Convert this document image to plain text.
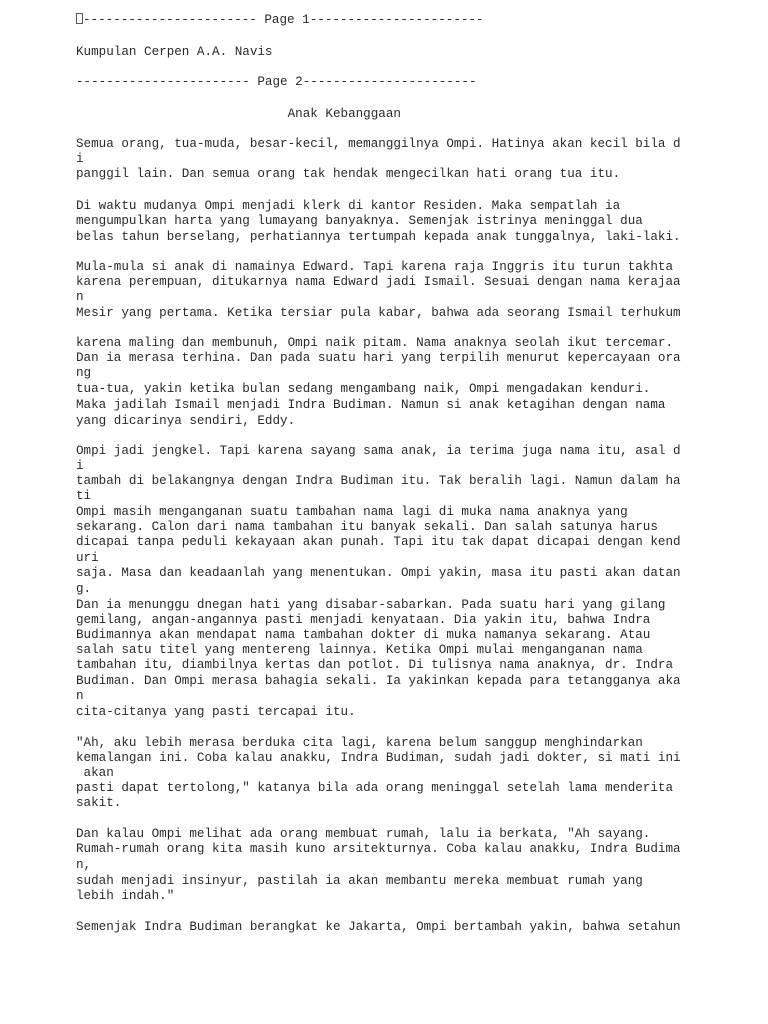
----------------------- Page 1-----------------------

Kumpulan Cerpen A.A. Navis

----------------------- Page 2-----------------------

Anak Kebanggaan

Semua orang, tua-muda, besar-kecil, memanggilnya Ompi. Hatinya akan kecil bila d

i

panggil lain. Dan semua orang tak hendak mengecilkan hati orang tua itu.

Di waktu mudanya Ompi menjadi klerk di kantor Residen. Maka sempatlah ia

mengumpulkan harta yang lumayang banyaknya. Semenjak istrinya meninggal dua

belas tahun berselang, perhatiannya tertumpah kepada anak tunggalnya, laki-laki.

Mula-mula si anak di namainya Edward. Tapi karena raja Inggris itu turun takhta

karena perempuan, ditukarnya nama Edward jadi Ismail. Sesuai dengan nama kerajaa

n

Mesir yang pertama. Ketika tersiar pula kabar, bahwa ada seorang Ismail terhukum

karena maling dan membunuh, Ompi naik pitam. Nama anaknya seolah ikut tercemar.

Dan ia merasa terhina. Dan pada suatu hari yang terpilih menurut kepercayaan ora

ng

tua-tua, yakin ketika bulan sedang mengambang naik, Ompi mengadakan kenduri.

Maka jadilah Ismail menjadi Indra Budiman. Namun si anak ketagihan dengan nama

yang dicarinya sendiri, Eddy.

Ompi jadi jengkel. Tapi karena sayang sama anak, ia terima juga nama itu, asal d

i

tambah di belakangnya dengan Indra Budiman itu. Tak beralih lagi. Namun dalam ha

ti

Ompi masih menganganan suatu tambahan nama lagi di muka nama anaknya yang

sekarang. Calon dari nama tambahan itu banyak sekali. Dan salah satunya harus

dicapai tanpa peduli kekayaan akan punah. Tapi itu tak dapat dicapai dengan kend

uri

saja. Masa dan keadaanlah yang menentukan. Ompi yakin, masa itu pasti akan datan

g.

Dan ia menunggu dnegan hati yang disabar-sabarkan. Pada suatu hari yang gilang

gemilang, angan-angannya pasti menjadi kenyataan. Dia yakin itu, bahwa Indra

Budimannya akan mendapat nama tambahan dokter di muka namanya sekarang. Atau

salah satu titel yang mentereng lainnya. Ketika Ompi mulai menganganan nama

tambahan itu, diambilnya kertas dan potlot. Di tulisnya nama anaknya, dr. Indra

Budiman. Dan Ompi merasa bahagia sekali. Ia yakinkan kepada para tetangganya aka

n

cita-citanya yang pasti tercapai itu.

"Ah, aku lebih merasa berduka cita lagi, karena belum sanggup menghindarkan

kemalangan ini. Coba kalau anakku, Indra Budiman, sudah jadi dokter, si mati ini

akan

pasti dapat tertolong," katanya bila ada orang meninggal setelah lama menderita

sakit.

Dan kalau Ompi melihat ada orang membuat rumah, lalu ia berkata, "Ah sayang.

Rumah-rumah orang kita masih kuno arsitekturnya. Coba kalau anakku, Indra Budima

n,

sudah menjadi insinyur, pastilah ia akan membantu mereka membuat rumah yang

lebih indah."

Semenjak Indra Budiman berangkat ke Jakarta, Ompi bertambah yakin, bahwa setahun
